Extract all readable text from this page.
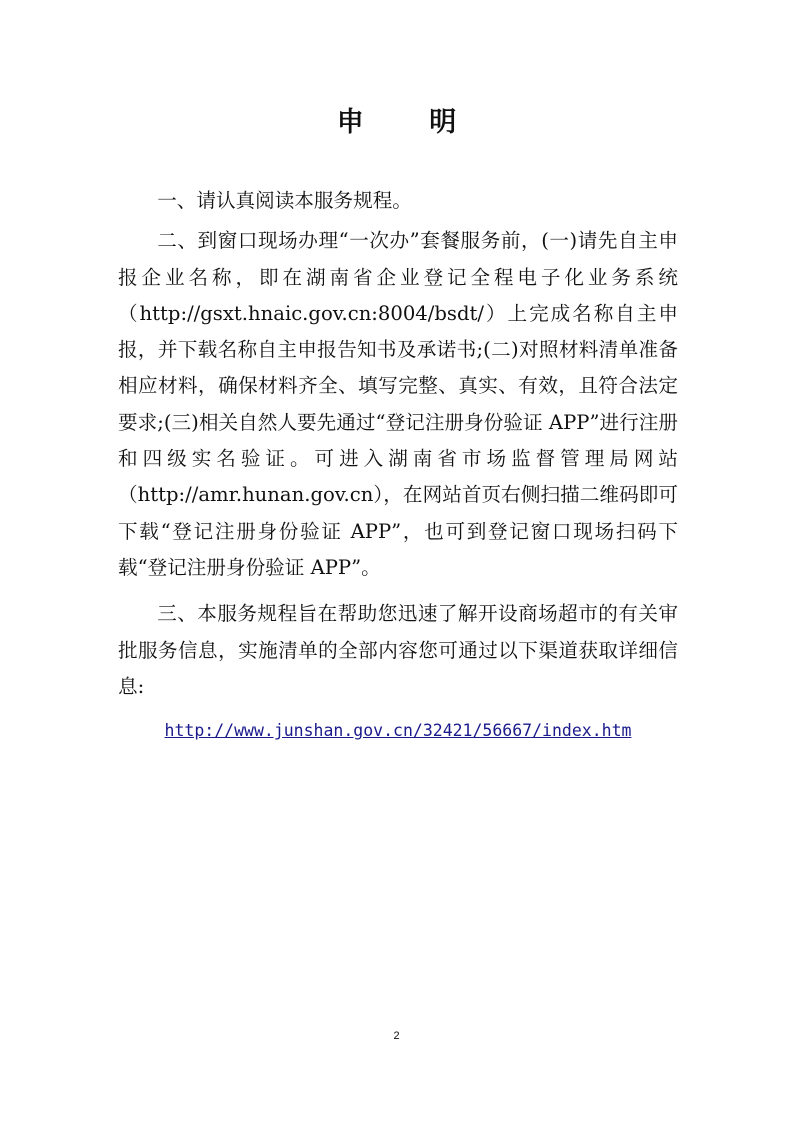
申 明

一、请认真阅读本服务规程。

二、到窗口现场办理“一次办”套餐服务前，(一)请先自主申报企业名称，即在湖南省企业登记全程电子化业务系统（http://gsxt.hnaic.gov.cn:8004/bsdt/）上完成名称自主申报，并下载名称自主申报告知书及承诺书;(二)对照材料清单准备相应材料，确保材料齐全、填写完整、真实、有效，且符合法定要求;(三)相关自然人要先通过“登记注册身份验证 APP”进行注册和四级实名验证。可进入湖南省市场监督管理局网站（http://amr.hunan.gov.cn），在网站首页右侧扫描二维码即可下载“登记注册身份验证 APP”，也可到登记窗口现场扫码下载“登记注册身份验证 APP”。

三、本服务规程旨在帮助您迅速了解开设商场超市的有关审批服务信息，实施清单的全部内容您可通过以下渠道获取详细信息:

http://www.junshan.gov.cn/32421/56667/index.htm
2
